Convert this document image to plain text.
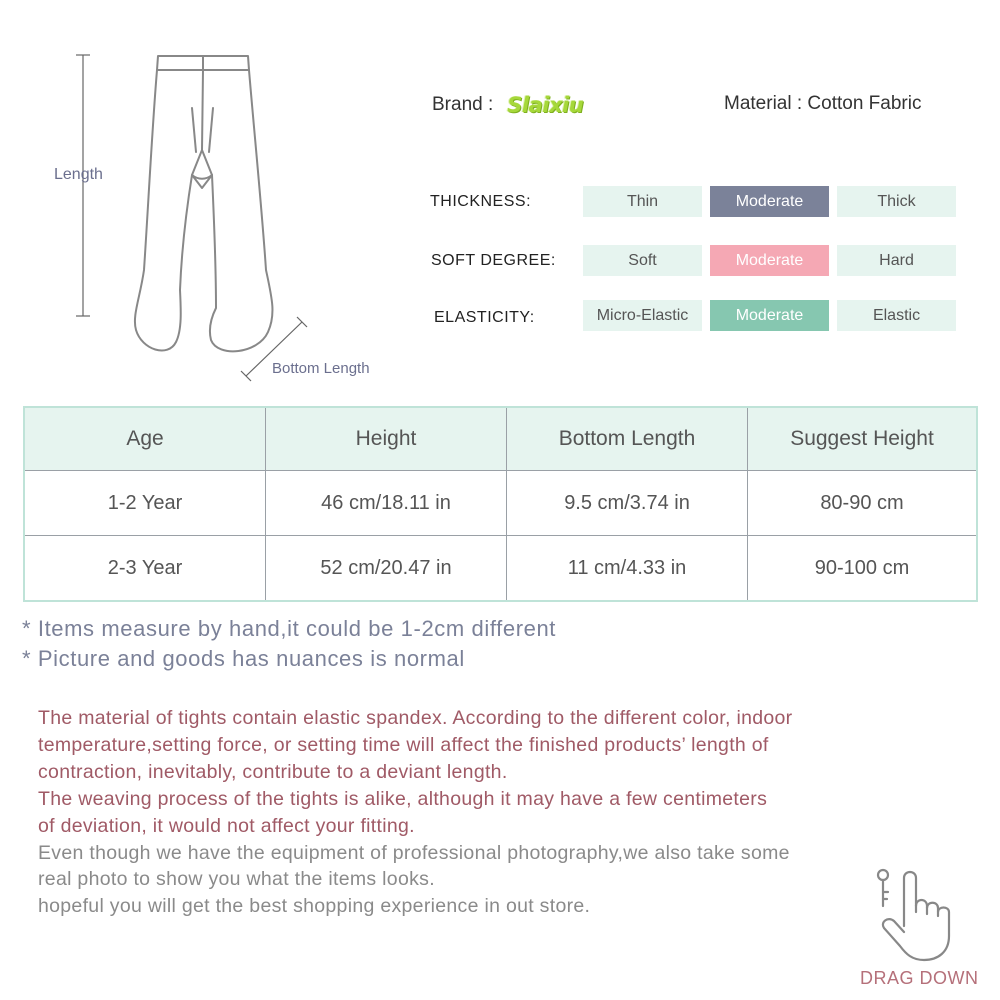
Length
Bottom Length
Brand : Slaixiu	Material : Cotton Fabric
THICKNESS:	Thin	Moderate	Thick
SOFT DEGREE:	Soft	Moderate	Hard
ELASTICITY:	Micro-Elastic	Moderate	Elastic
Age	Height	Bottom Length	Suggest Height
1-2 Year	46 cm/18.11 in	9.5 cm/3.74 in	80-90 cm
2-3 Year	52 cm/20.47 in	11 cm/4.33 in	90-100 cm
* Items measure by hand,it could be 1-2cm different
* Picture and goods has nuances is normal
The material of tights contain elastic spandex. According to the different color, indoor
temperature,setting force, or setting time will affect the finished products’ length of
contraction, inevitably, contribute to a deviant length.
The weaving process of the tights is alike, although it may have a few centimeters
of deviation, it would not affect your fitting.
Even though we have the equipment of professional photography,we also take some
real photo to show you what the items looks.
hopeful you will get the best shopping experience in out store.
DRAG DOWN
